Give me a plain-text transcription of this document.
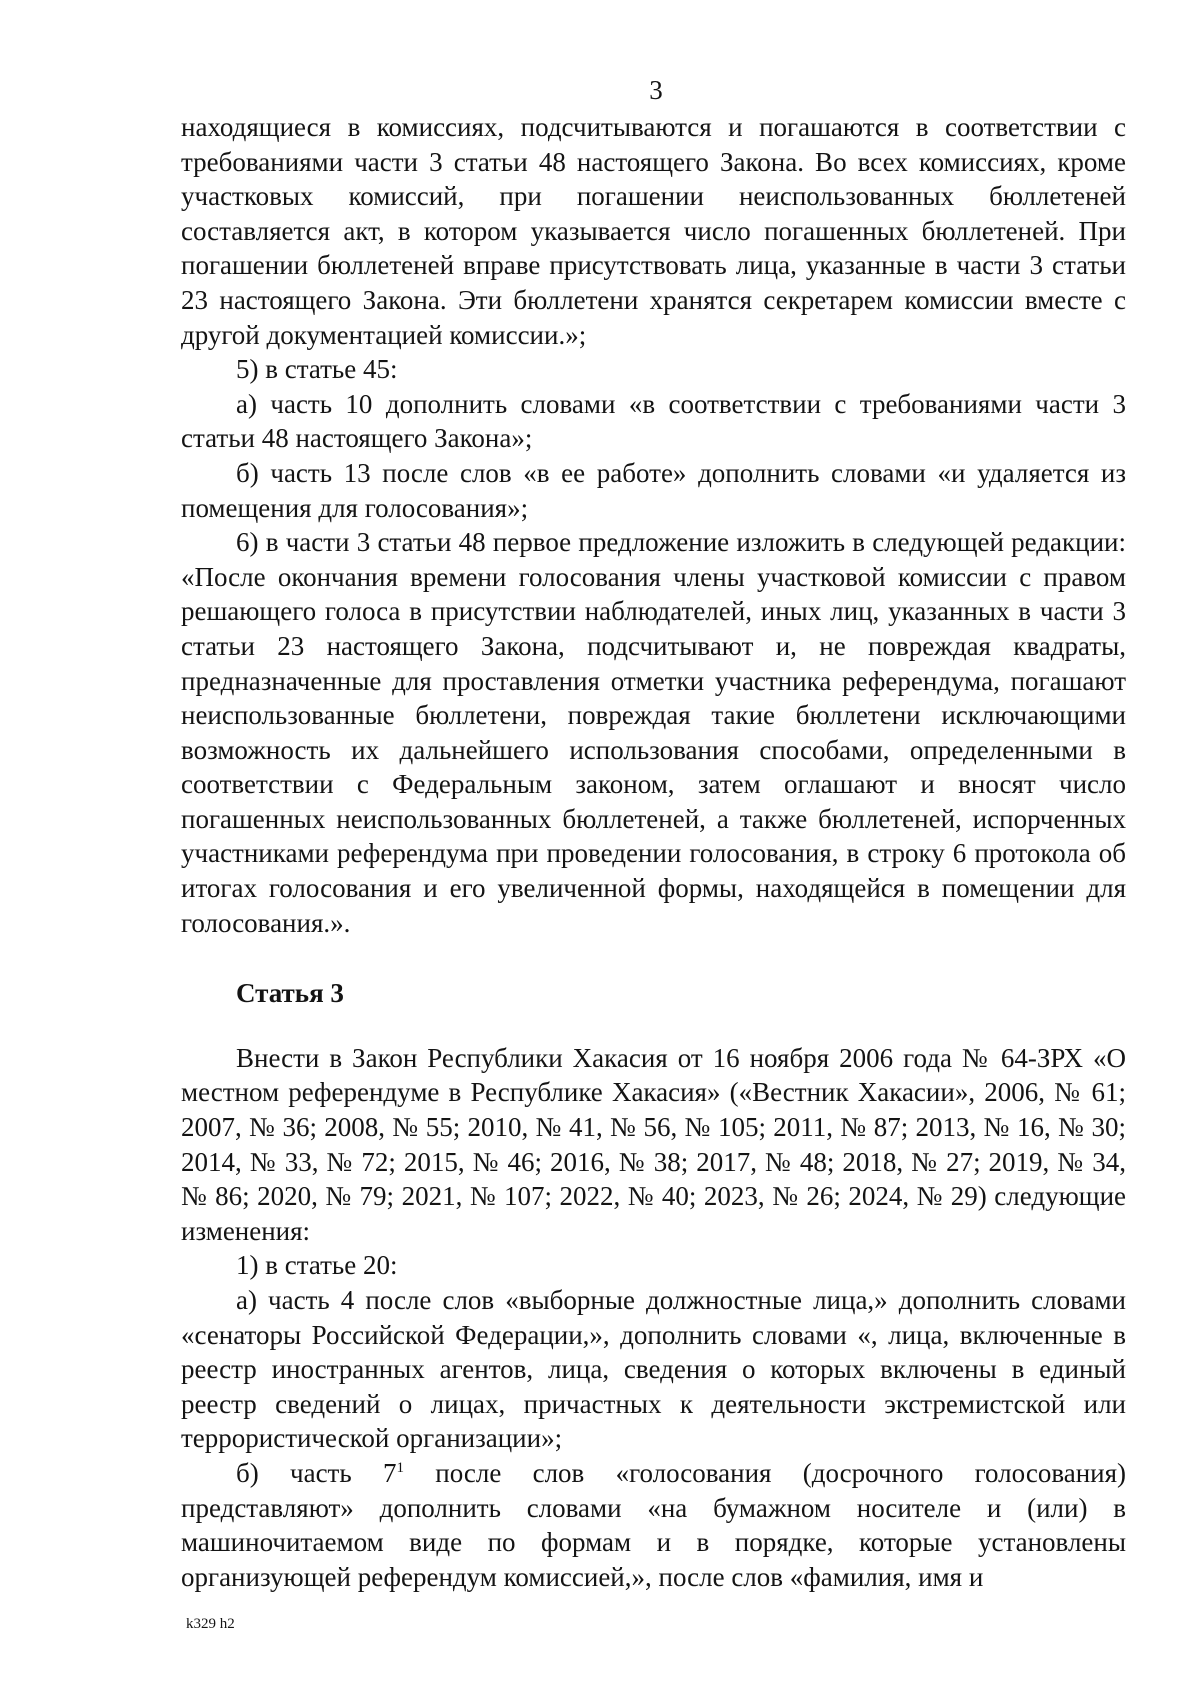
3

находящиеся в комиссиях, подсчитываются и погашаются в соответствии с требованиями части 3 статьи 48 настоящего Закона. Во всех комиссиях, кроме участковых комиссий, при погашении неиспользованных бюллетеней составляется акт, в котором указывается число погашенных бюллетеней. При погашении бюллетеней вправе присутствовать лица, указанные в части 3 статьи 23 настоящего Закона. Эти бюллетени хранятся секретарем комиссии вместе с другой документацией комиссии.»;

5) в статье 45:

а) часть 10 дополнить словами «в соответствии с требованиями части 3 статьи 48 настоящего Закона»;

б) часть 13 после слов «в ее работе» дополнить словами «и удаляется из помещения для голосования»;

6) в части 3 статьи 48 первое предложение изложить в следующей редакции: «После окончания времени голосования члены участковой комиссии с правом решающего голоса в присутствии наблюдателей, иных лиц, указанных в части 3 статьи 23 настоящего Закона, подсчитывают и, не повреждая квадраты, предназначенные для проставления отметки участника референдума, погашают неиспользованные бюллетени, повреждая такие бюллетени исключающими возможность их дальнейшего использования способами, определенными в соответствии с Федеральным законом, затем оглашают и вносят число погашенных неиспользованных бюллетеней, а также бюллетеней, испорченных участниками референдума при проведении голосования, в строку 6 протокола об итогах голосования и его увеличенной формы, находящейся в помещении для голосования.».

Статья 3

Внести в Закон Республики Хакасия от 16 ноября 2006 года № 64-ЗРХ «О местном референдуме в Республике Хакасия» («Вестник Хакасии», 2006, № 61; 2007, № 36; 2008, № 55; 2010, № 41, № 56, № 105; 2011, № 87; 2013, № 16, № 30; 2014, № 33, № 72; 2015, № 46; 2016, № 38; 2017, № 48; 2018, № 27; 2019, № 34, № 86; 2020, № 79; 2021, № 107; 2022, № 40; 2023, № 26; 2024, № 29) следующие изменения:

1) в статье 20:

а) часть 4 после слов «выборные должностные лица,» дополнить словами «сенаторы Российской Федерации,», дополнить словами «, лица, включенные в реестр иностранных агентов, лица, сведения о которых включены в единый реестр сведений о лицах, причастных к деятельности экстремистской или террористической организации»;

б) часть $7^1$ после слов «голосования (досрочного голосования) представляют» дополнить словами «на бумажном носителе и (или) в машиночитаемом виде по формам и в порядке, которые установлены организующей референдум комиссией,», после слов «фамилия, имя и

k329 h2
